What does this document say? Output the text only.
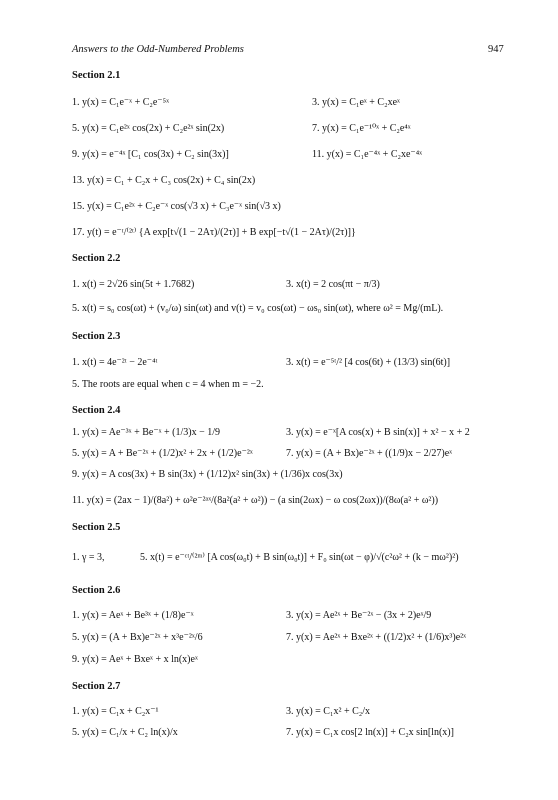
Answers to the Odd-Numbered Problems	947
Section 2.1
1. y(x) = C₁e⁻ˣ + C₂e⁻⁵ˣ	3. y(x) = C₁eˣ + C₂xeˣ
5. y(x) = C₁e²ˣ cos(2x) + C₂e²ˣ sin(2x)	7. y(x) = C₁e⁻¹⁰ˣ + C₂e⁴ˣ
9. y(x) = e⁻⁴ˣ [C₁ cos(3x) + C₂ sin(3x)]	11. y(x) = C₁e⁻⁴ˣ + C₂xe⁻⁴ˣ
13. y(x) = C₁ + C₂x + C₃ cos(2x) + C₄ sin(2x)
15. y(x) = C₁e²ˣ + C₂e⁻ˣ cos(√3 x) + C₃e⁻ˣ sin(√3 x)
17. y(t) = e⁻ᵗ/⁽²ᵗ⁾ {A exp[t√(1 − 2Aτ)/(2τ)] + B exp[−t√(1 − 2Aτ)/(2τ)]}
Section 2.2
1. x(t) = 2√26 sin(5t + 1.7682)	3. x(t) = 2 cos(πt − π/3)
5. x(t) = s₀ cos(ωt) + (v₀/ω) sin(ωt) and v(t) = v₀ cos(ωt) − ωs₀ sin(ωt), where ω² = Mg/(mL).
Section 2.3
1. x(t) = 4e⁻²ᵗ − 2e⁻⁴ᵗ	3. x(t) = e⁻⁵ᵗ/² [4 cos(6t) + (13/3) sin(6t)]
5. The roots are equal when c = 4 when m = −2.
Section 2.4
1. y(x) = Ae⁻³ˣ + Be⁻ˣ + (1/3)x − 1/9	3. y(x) = e⁻ˣ[A cos(x) + B sin(x)] + x² − x + 2
5. y(x) = A + Be⁻²ˣ + (1/2)x² + 2x + (1/2)e⁻²ˣ	7. y(x) = (A + Bx)e⁻²ˣ + ((1/9)x − 2/27)eˣ
9. y(x) = A cos(3x) + B sin(3x) + (1/12)x² sin(3x) + (1/36)x cos(3x)
11. y(x) = (2ax − 1)/(8a²) + ω²e⁻²ᵃˣ/(8a²(a² + ω²)) − (a sin(2ωx) − ω cos(2ωx))/(8ω(a² + ω²))
Section 2.5
1. γ = 3,	5. x(t) = e⁻ᶜᵗ/⁽²ᵐ⁾ [A cos(ω₀t) + B sin(ω₀t)] + F₀ sin(ωt − φ)/√(c²ω² + (k − mω²)²)
Section 2.6
1. y(x) = Aeˣ + Be³ˣ + (1/8)e⁻ˣ	3. y(x) = Ae²ˣ + Be⁻²ˣ − (3x + 2)eˣ/9
5. y(x) = (A + Bx)e⁻²ˣ + x³e⁻²ˣ/6	7. y(x) = Ae²ˣ + Bxe²ˣ + ((1/2)x² + (1/6)x³)e²ˣ
9. y(x) = Aeˣ + Bxeˣ + x ln(x)eˣ
Section 2.7
1. y(x) = C₁x + C₂x⁻¹	3. y(x) = C₁x² + C₂/x
5. y(x) = C₁/x + C₂ ln(x)/x	7. y(x) = C₁x cos[2 ln(x)] + C₂x sin[ln(x)]
